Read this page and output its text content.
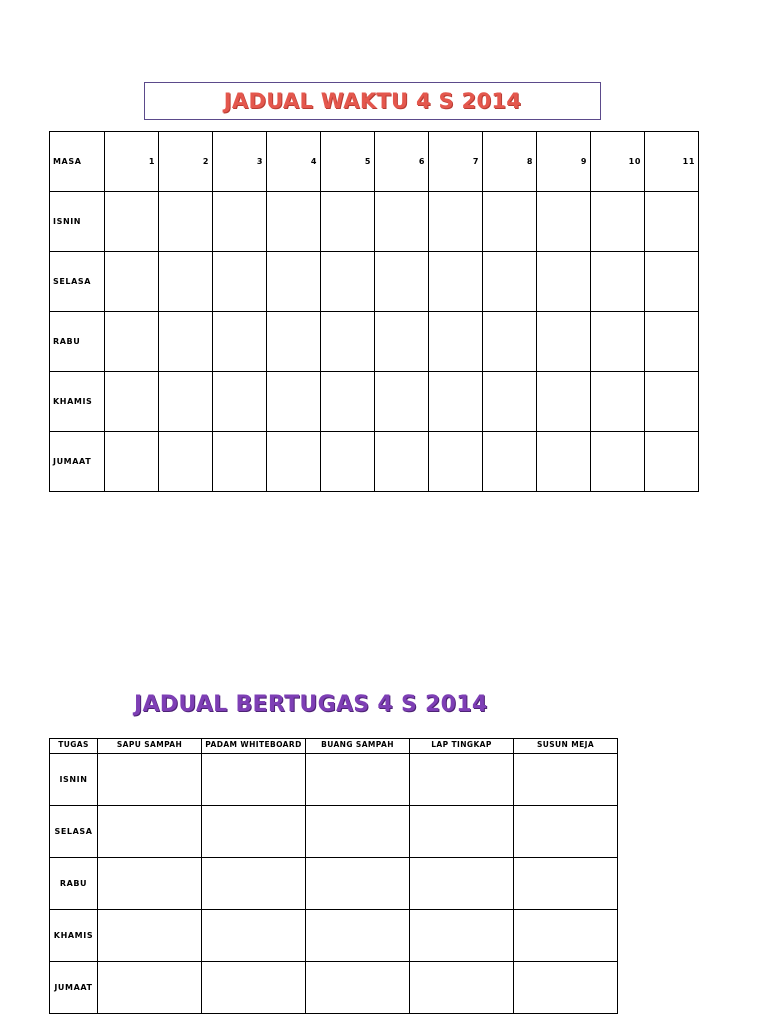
JADUAL WAKTU 4 S 2014
MASA	1	2	3	4	5	6	7	8	9	10	11
ISNIN											
SELASA											
RABU											
KHAMIS											
JUMAAT											
JADUAL BERTUGAS 4 S 2014
TUGAS	SAPU SAMPAH	PADAM WHITEBOARD	BUANG SAMPAH	LAP TINGKAP	SUSUN MEJA
ISNIN					
SELASA					
RABU					
KHAMIS					
JUMAAT					
